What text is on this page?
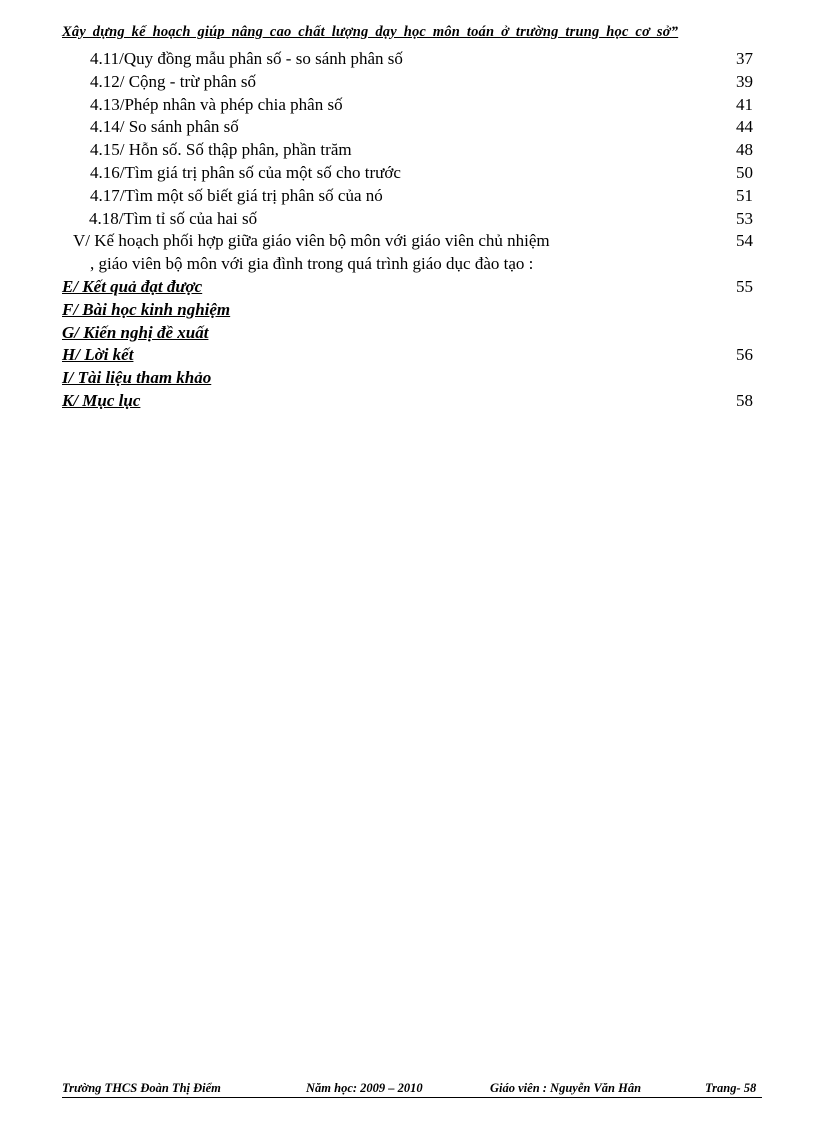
Xây dựng kế hoạch giúp nâng cao chất lượng dạy học môn toán ở trường trung học cơ sở”
4.11/Quy đồng mẫu phân số - so sánh phân số	37
4.12/ Cộng - trừ phân số	39
4.13/Phép nhân và phép chia phân số	41
4.14/ So sánh phân số	44
4.15/ Hỗn số. Số thập phân, phần trăm	48
4.16/Tìm giá trị phân số của một số cho trước	50
4.17/Tìm một số biết giá trị phân số của nó	51
4.18/Tìm tỉ số của hai số	53
V/ Kế hoạch phối hợp giữa giáo viên bộ môn với giáo viên chủ nhiệm	54
, giáo viên bộ môn với gia đình trong quá trình giáo dục đào tạo :
E/ Kết quả đạt được	55
F/ Bài học kinh nghiệm
G/ Kiến nghị đề xuất
H/ Lời kết	56
I/ Tài liệu tham khảo
K/ Mục lục	58
Trường THCS Đoàn Thị Điểm	Năm học: 2009 – 2010	Giáo viên : Nguyễn Văn Hân	Trang- 58
